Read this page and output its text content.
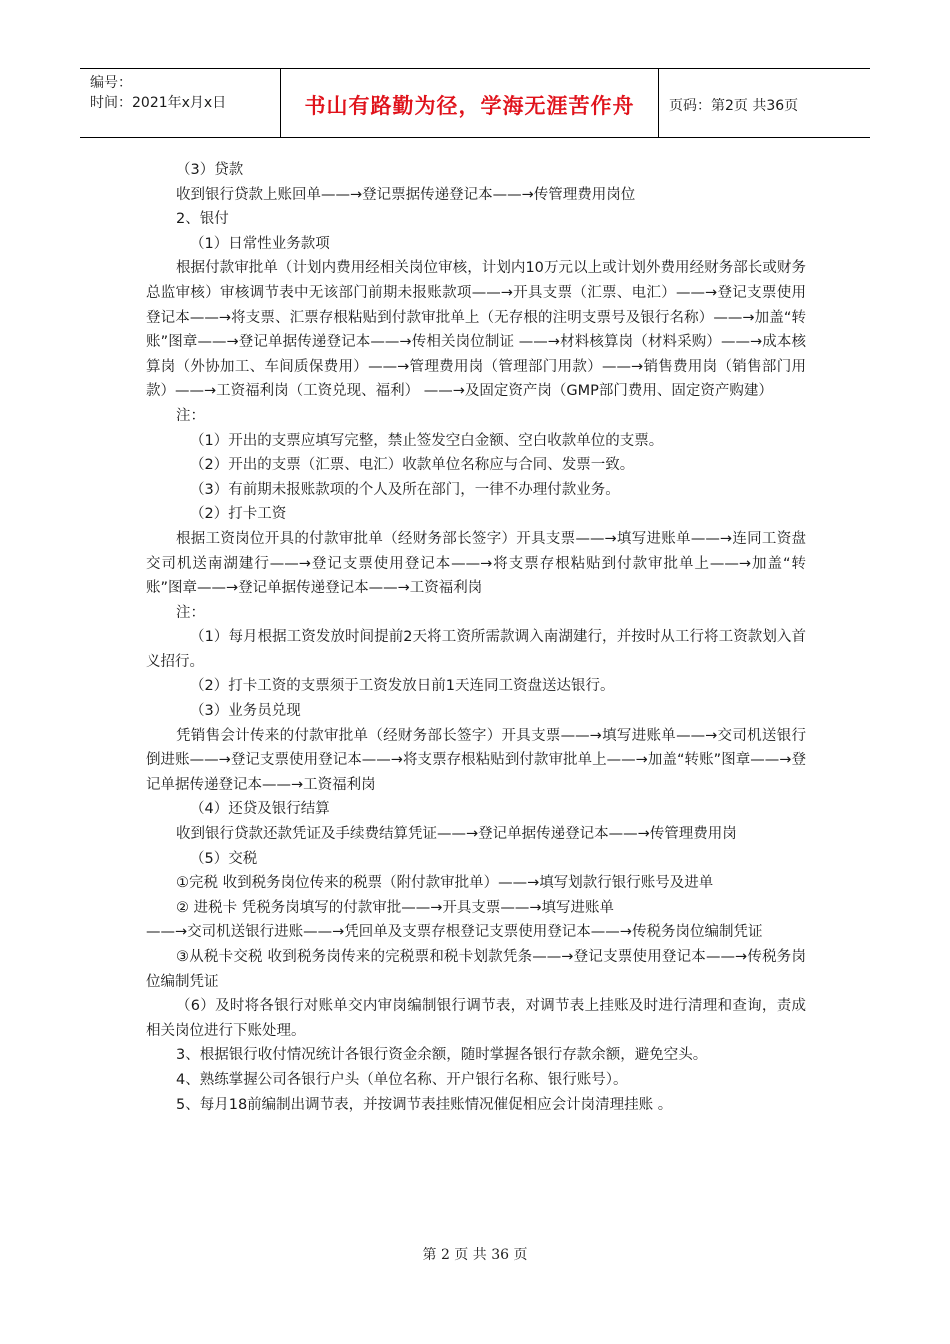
编号：
时间：2021年x月x日	书山有路勤为径，学海无涯苦作舟	页码：第2页 共36页

（3）贷款

收到银行贷款上账回单——→登记票据传递登记本——→传管理费用岗位

2、银付

（1）日常性业务款项

根据付款审批单（计划内费用经相关岗位审核，计划内10万元以上或计划外费用经财务部长或财务总监审核）审核调节表中无该部门前期未报账款项——→开具支票（汇票、电汇）——→登记支票使用登记本——→将支票、汇票存根粘贴到付款审批单上（无存根的注明支票号及银行名称）——→加盖“转账”图章——→登记单据传递登记本——→传相关岗位制证 ——→材料核算岗（材料采购）——→成本核算岗（外协加工、车间质保费用）——→管理费用岗（管理部门用款）——→销售费用岗（销售部门用款）——→工资福利岗（工资兑现、福利） ——→及固定资产岗（GMP部门费用、固定资产购建）

注：

（1）开出的支票应填写完整，禁止签发空白金额、空白收款单位的支票。

（2）开出的支票（汇票、电汇）收款单位名称应与合同、发票一致。

（3）有前期未报账款项的个人及所在部门，一律不办理付款业务。

（2）打卡工资

根据工资岗位开具的付款审批单（经财务部长签字）开具支票——→填写进账单——→连同工资盘交司机送南湖建行——→登记支票使用登记本——→将支票存根粘贴到付款审批单上——→加盖“转账”图章——→登记单据传递登记本——→工资福利岗

注：

（1）每月根据工资发放时间提前2天将工资所需款调入南湖建行，并按时从工行将工资款划入首义招行。

（2）打卡工资的支票须于工资发放日前1天连同工资盘送达银行。

（3）业务员兑现

凭销售会计传来的付款审批单（经财务部长签字）开具支票——→填写进账单——→交司机送银行倒进账——→登记支票使用登记本——→将支票存根粘贴到付款审批单上——→加盖“转账”图章——→登记单据传递登记本——→工资福利岗

（4）还贷及银行结算

收到银行贷款还款凭证及手续费结算凭证——→登记单据传递登记本——→传管理费用岗

（5）交税

①完税 收到税务岗位传来的税票（附付款审批单）——→填写划款行银行账号及进单

② 进税卡 凭税务岗填写的付款审批——→开具支票——→填写进账单

——→交司机送银行进账——→凭回单及支票存根登记支票使用登记本——→传税务岗位编制凭证

③从税卡交税 收到税务岗传来的完税票和税卡划款凭条——→登记支票使用登记本——→传税务岗位编制凭证

（6）及时将各银行对账单交内审岗编制银行调节表，对调节表上挂账及时进行清理和查询，责成相关岗位进行下账处理。

3、根据银行收付情况统计各银行资金余额，随时掌握各银行存款余额，避免空头。

4、熟练掌握公司各银行户头（单位名称、开户银行名称、银行账号）。

5、每月18前编制出调节表，并按调节表挂账情况催促相应会计岗清理挂账 。

第 2 页 共 36 页
